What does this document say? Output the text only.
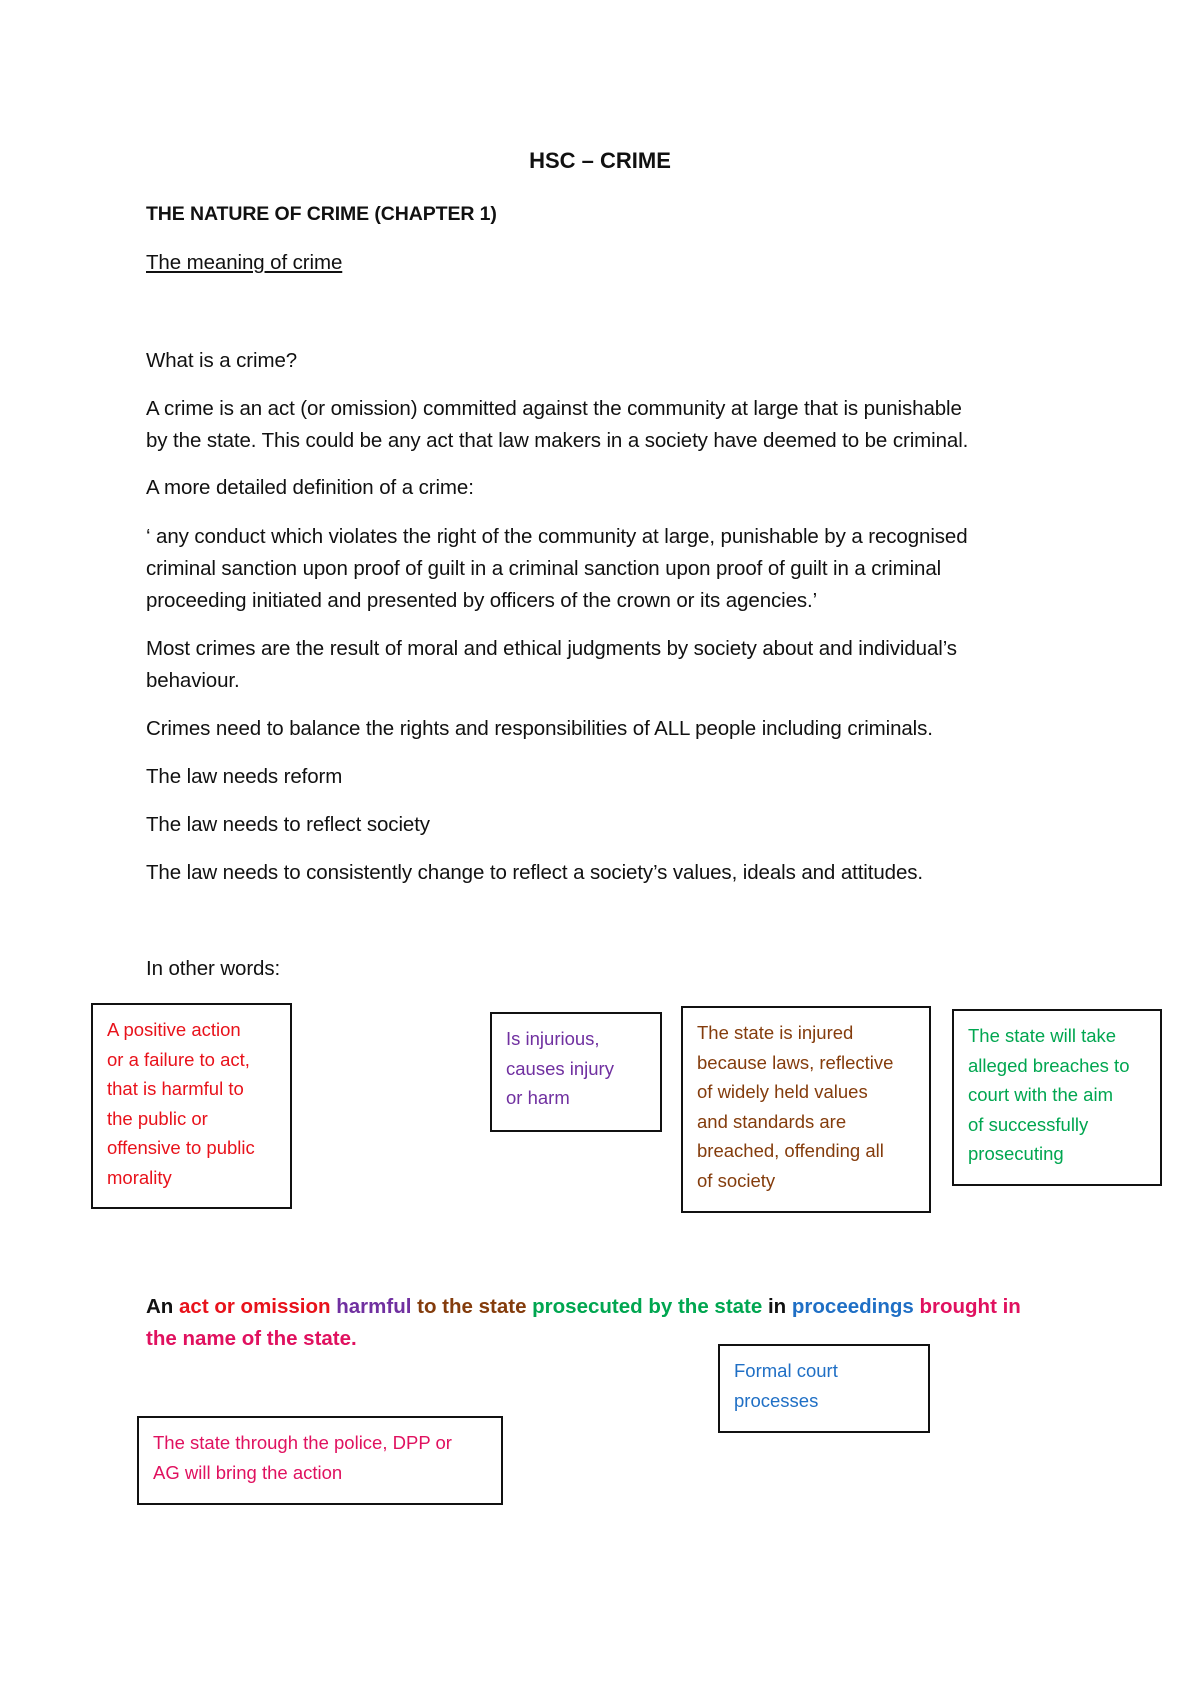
HSC – CRIME
THE NATURE OF CRIME (CHAPTER 1)
The meaning of crime
What is a crime?
A crime is an act (or omission) committed against the community at large that is punishable
by the state. This could be any act that law makers in a society have deemed to be criminal.
A more detailed definition of a crime:
‘ any conduct which violates the right of the community at large, punishable by a recognised
criminal sanction upon proof of guilt in a criminal sanction upon proof of guilt in a criminal
proceeding initiated and presented by officers of the crown or its agencies.’
Most crimes are the result of moral and ethical judgments by society about and individual’s
behaviour.
Crimes need to balance the rights and responsibilities of ALL people including criminals.
The law needs reform
The law needs to reflect society
The law needs to consistently change to reflect a society’s values, ideals and attitudes.
In other words:
A positive action
or a failure to act,
that is harmful to
the public or
offensive to public
morality
Is injurious,
causes injury
or harm
The state is injured
because laws, reflective
of widely held values
and standards are
breached, offending all
of society
The state will take
alleged breaches to
court with the aim
of successfully
prosecuting
An act or omission harmful to the state prosecuted by the state in proceedings brought in
the name of the state.
Formal court
processes
The state through the police, DPP or
AG will bring the action
